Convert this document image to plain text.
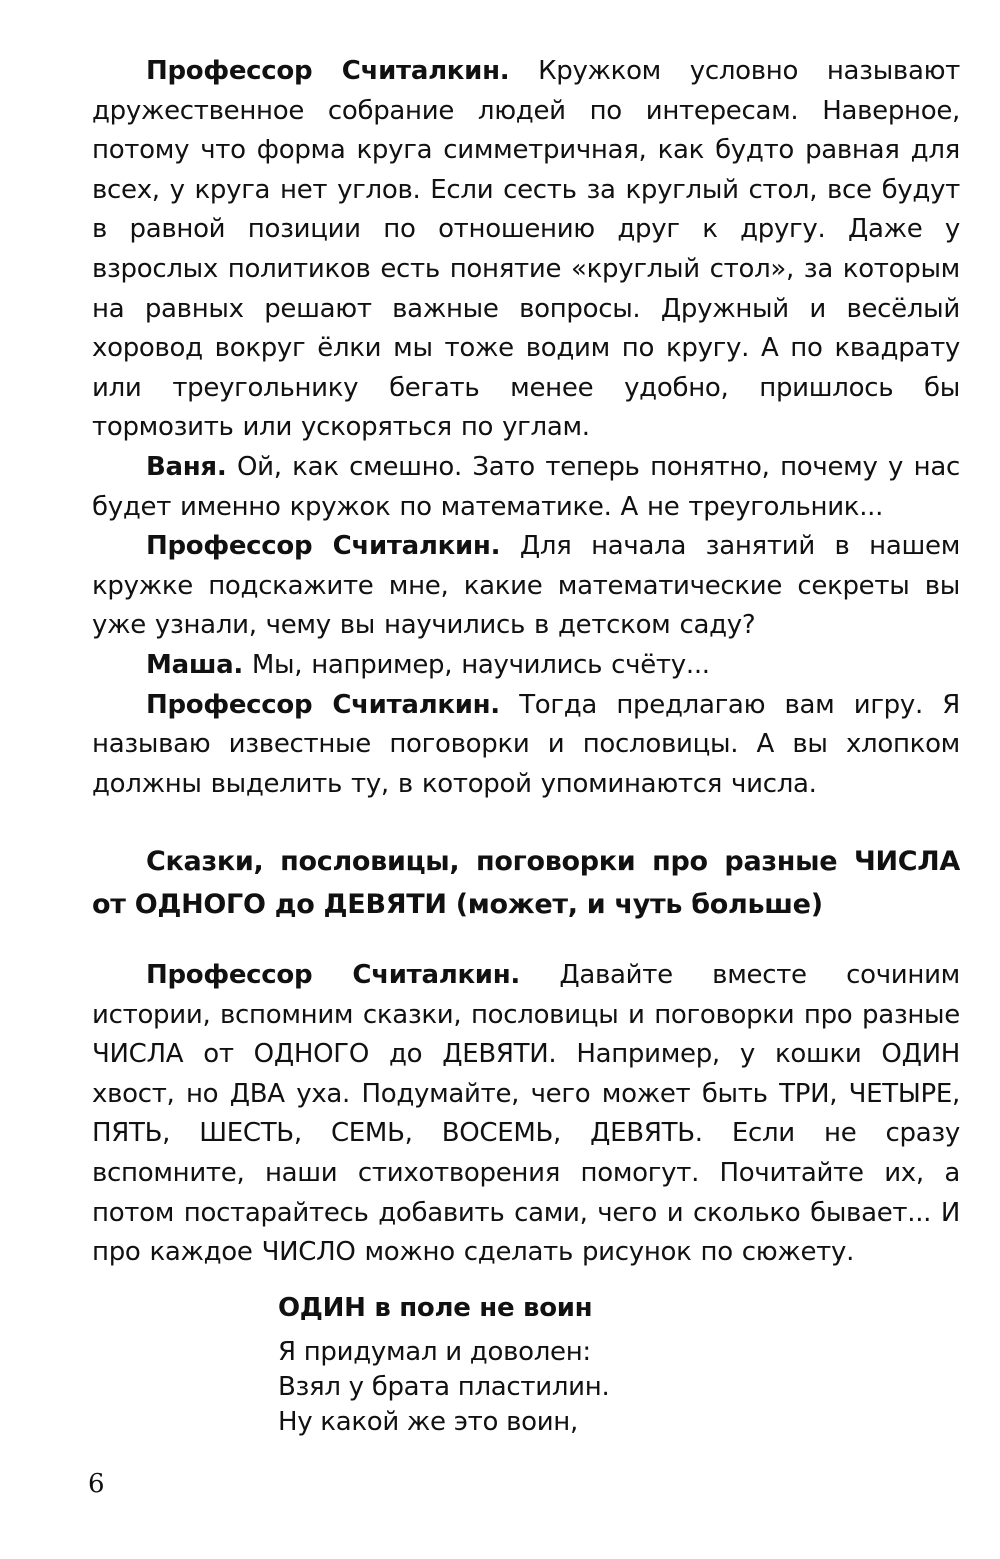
Профессор Считалкин. Кружком условно называют дружественное собрание людей по интересам. Наверное, потому что форма круга симметричная, как будто равная для всех, у круга нет углов. Если сесть за круглый стол, все будут в равной позиции по отношению друг к другу. Даже у взрослых политиков есть понятие «круглый стол», за которым на равных решают важные вопросы. Дружный и весёлый хоровод вокруг ёлки мы тоже водим по кругу. А по квадрату или треугольнику бегать менее удобно, пришлось бы тормозить или ускоряться по углам.

Ваня. Ой, как смешно. Зато теперь понятно, почему у нас будет именно кружок по математике. А не треугольник...

Профессор Считалкин. Для начала занятий в нашем кружке подскажите мне, какие математические секреты вы уже узнали, чему вы научились в детском саду?

Маша. Мы, например, научились счёту...

Профессор Считалкин. Тогда предлагаю вам игру. Я называю известные поговорки и пословицы. А вы хлопком должны выделить ту, в которой упоминаются числа.

Сказки, пословицы, поговорки про разные ЧИСЛА от ОДНОГО до ДЕВЯТИ (может, и чуть больше)

Профессор Считалкин. Давайте вместе сочиним истории, вспомним сказки, пословицы и поговорки про разные ЧИСЛА от ОДНОГО до ДЕВЯТИ. Например, у кошки ОДИН хвост, но ДВА уха. Подумайте, чего может быть ТРИ, ЧЕТЫРЕ, ПЯТЬ, ШЕСТЬ, СЕМЬ, ВОСЕМЬ, ДЕВЯТЬ. Если не сразу вспомните, наши стихотворения помогут. Почитайте их, а потом постарайтесь добавить сами, чего и сколько бывает... И про каждое ЧИСЛО можно сделать рисунок по сюжету.

ОДИН в поле не воин
Я придумал и доволен:
Взял у брата пластилин.
Ну какой же это воин,
6
